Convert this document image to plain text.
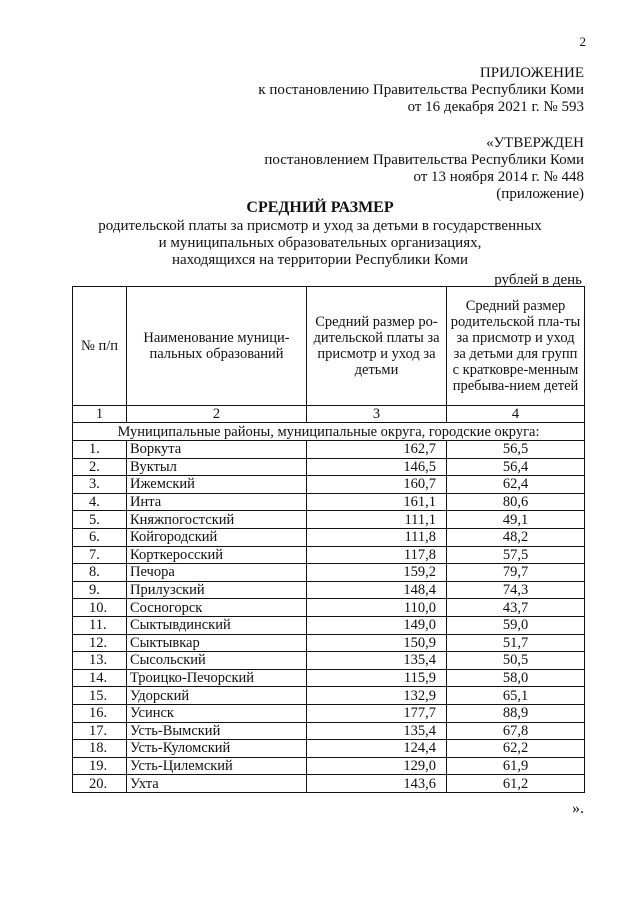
2
ПРИЛОЖЕНИЕ
к постановлению Правительства Республики Коми
от 16 декабря 2021 г. № 593
«УТВЕРЖДЕН
постановлением Правительства Республики Коми
от 13 ноября 2014 г. № 448
(приложение)
СРЕДНИЙ РАЗМЕР
родительской платы за присмотр и уход за детьми в государственных
и муниципальных образовательных организациях,
находящихся на территории Республики Коми
рублей в день
№ п/п	Наименование муници-пальных образований	Средний размер ро-дительской платы за присмотр и уход за детьми	Средний размер родительской пла-ты за присмотр и уход за детьми для групп с кратковре-менным пребыва-нием детей
1	2	3	4
Муниципальные районы, муниципальные округа, городские округа:			
1.	Воркута	162,7	56,5
2.	Вуктыл	146,5	56,4
3.	Ижемский	160,7	62,4
4.	Инта	161,1	80,6
5.	Княжпогостский	111,1	49,1
6.	Койгородский	111,8	48,2
7.	Корткеросский	117,8	57,5
8.	Печора	159,2	79,7
9.	Прилузский	148,4	74,3
10.	Сосногорск	110,0	43,7
11.	Сыктывдинский	149,0	59,0
12.	Сыктывкар	150,9	51,7
13.	Сысольский	135,4	50,5
14.	Троицко-Печорский	115,9	58,0
15.	Удорский	132,9	65,1
16.	Усинск	177,7	88,9
17.	Усть-Вымский	135,4	67,8
18.	Усть-Куломский	124,4	62,2
19.	Усть-Цилемский	129,0	61,9
20.	Ухта	143,6	61,2
».
